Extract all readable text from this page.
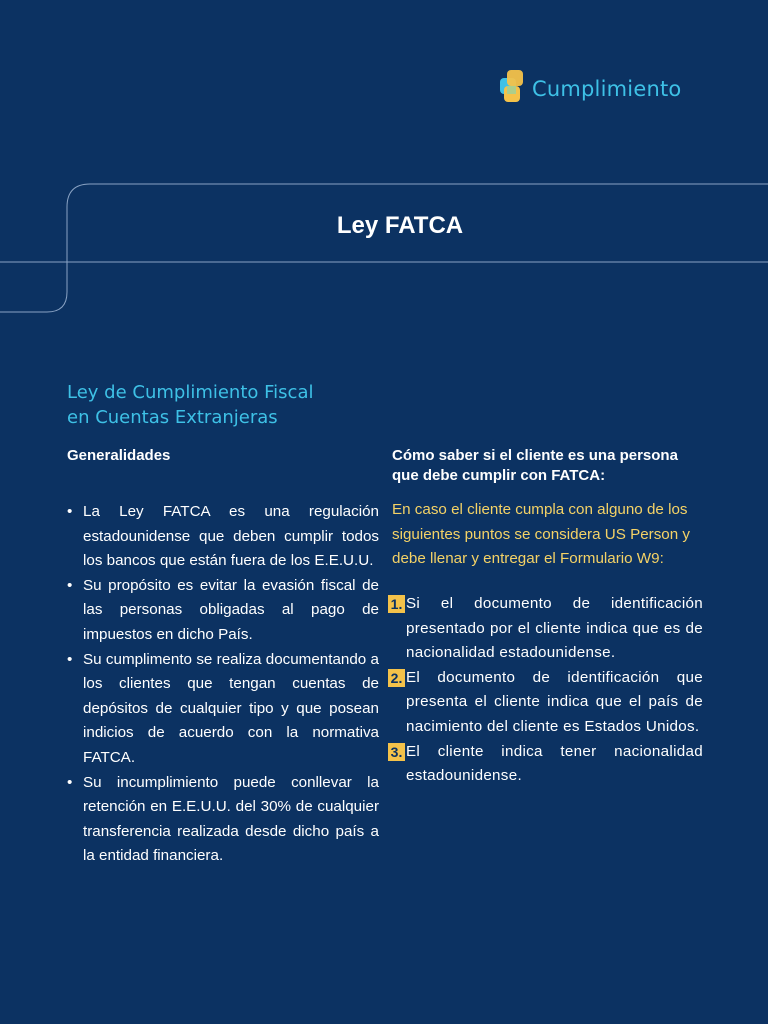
Cumplimiento
Ley FATCA
Ley de Cumplimiento Fiscal
en Cuentas Extranjeras
Generalidades	Cómo saber si el cliente es una persona
que debe cumplir con FATCA:
• La Ley FATCA es una regulación estadounidense que deben cumplir todos los bancos que están fuera de los E.E.U.U.
• Su propósito es evitar la evasión fiscal de las personas obligadas al pago de impuestos en dicho País.
• Su cumplimento se realiza documentando a los clientes que tengan cuentas de depósitos de cualquier tipo y que posean indicios de acuerdo con la normativa FATCA.
• Su incumplimiento puede conllevar la retención en E.E.U.U. del 30% de cualquier transferencia realizada desde dicho país a la entidad financiera.
En caso el cliente cumpla con alguno de los siguientes puntos se considera US Person y debe llenar y entregar el Formulario W9:
1. Si el documento de identificación presentado por el cliente indica que es de nacionalidad estadounidense.
2. El documento de identificación que presenta el cliente indica que el país de nacimiento del cliente es Estados Unidos.
3. El cliente indica tener nacionalidad estadounidense.
